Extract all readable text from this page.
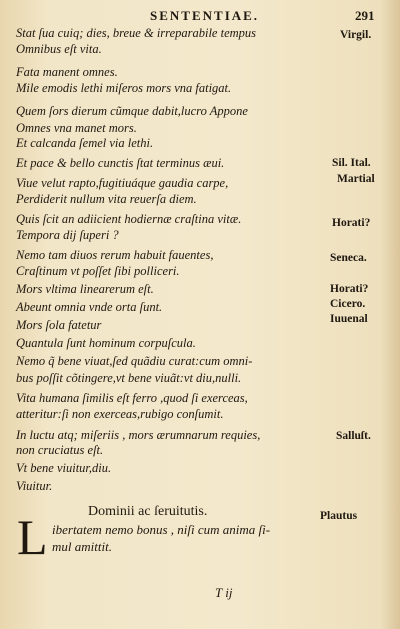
SENTENTIAE.	291
Stat ſua cuiq; dies, breue & irreparabile tempus
Omnibus eſt vita.
Fata manent omnes.
Mile emodis lethi miſeros mors vna fatigat.
Quem ſors dierum cũmque dabit,lucro Appone
Omnes vna manet mors.
Et calcanda ſemel via lethi.
Et pace & bello cunctis ſtat terminus æui.
Viue velut rapto,fugitiuáque gaudia carpe,
Perdiderit nullum vita reuerſa diem.
Quis ſcit an adiicient hodiernæ craſtina vitæ.
Tempora dij ſuperi ?
Nemo tam diuos rerum habuit fauentes,
Craſtinum vt poſſet ſibi polliceri.
Mors vltima linearerum eſt.
Abeunt omnia vnde orta ſunt.
Mors ſola fatetur
Quantula ſunt hominum corpuſcula.
Nemo q̃ bene viuat,ſed quãdiu curat:cum omni-
bus poſſit cõtingere,vt bene viuãt:vt diu,nulli.
Vita humana ſimilis eſt ferro ,quod ſi exerceas,
atteritur:ſi non exerceas,rubigo conſumit.
In luctu atq; miſeriis , mors ærumnarum requies,
non cruciatus eſt.
Vt bene viuitur,diu.
Viuitur.
Virgil.
Sil. Ital.
Martial
Horati?
Seneca.
Horati?
Cicero.
Iuuenal
Salluſt.
Plautus
Dominii ac ſeruitutis.
L ibertatem nemo bonus , niſi cum anima ſi-
mul amittit.
T ij
